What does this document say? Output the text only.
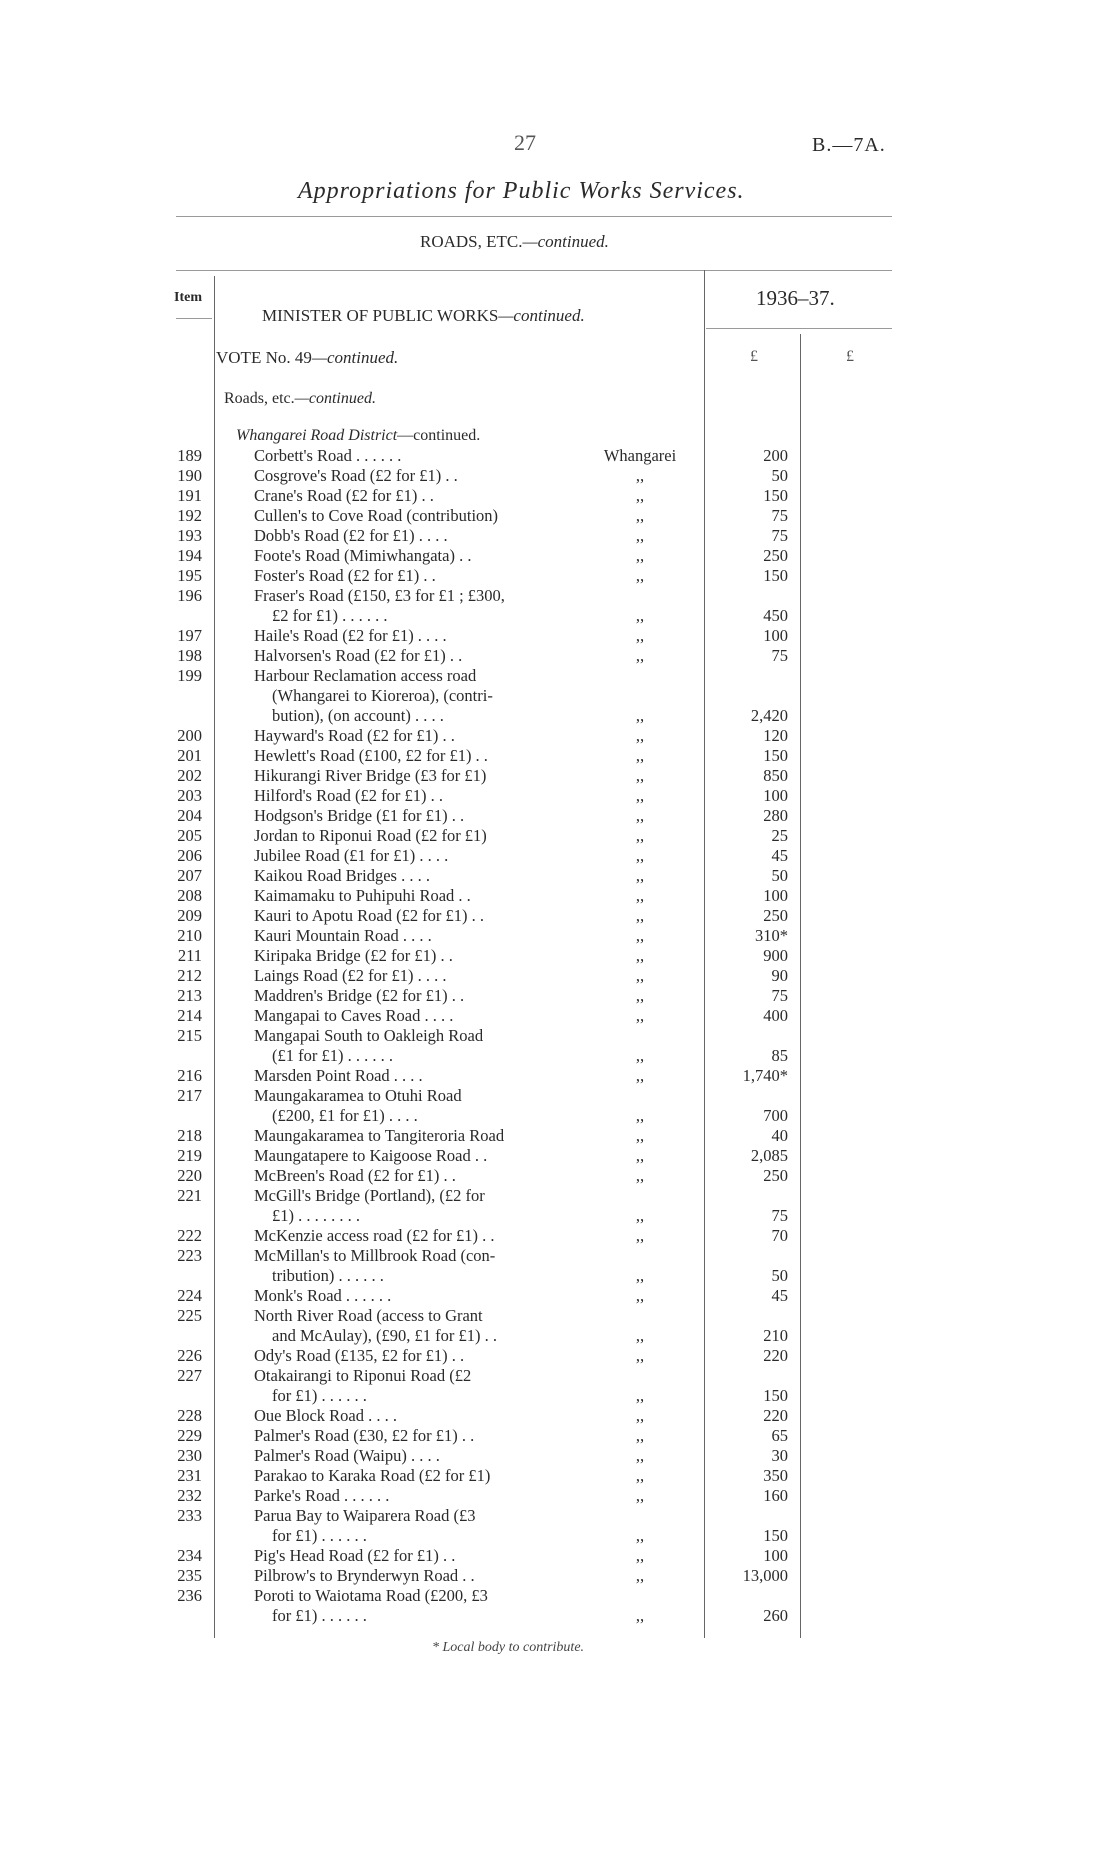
27	B.—7A.
Appropriations for Public Works Services.
ROADS, ETC.—continued.
Item
MINISTER OF PUBLIC WORKS—continued.
1936–37.
VOTE No. 49—continued.	£	£
Roads, etc.—continued.
Whangarei Road District—continued.
189	Corbett's Road . . . . . .	Whangarei	200
190	Cosgrove's Road (£2 for £1) . .	,,	50
191	Crane's Road (£2 for £1) . .	,,	150
192	Cullen's to Cove Road (contribution)	,,	75
193	Dobb's Road (£2 for £1) . . . .	,,	75
194	Foote's Road (Mimiwhangata) . .	,,	250
195	Foster's Road (£2 for £1) . .	,,	150
196	Fraser's Road (£150, £3 for £1 ; £300,
£2 for £1) . . . . . .	,,	450
197	Haile's Road (£2 for £1) . . . .	,,	100
198	Halvorsen's Road (£2 for £1) . .	,,	75
199	Harbour Reclamation access road
(Whangarei to Kioreroa), (contri-
bution), (on account) . . . .	,,	2,420
200	Hayward's Road (£2 for £1) . .	,,	120
201	Hewlett's Road (£100, £2 for £1) . .	,,	150
202	Hikurangi River Bridge (£3 for £1)	,,	850
203	Hilford's Road (£2 for £1) . .	,,	100
204	Hodgson's Bridge (£1 for £1) . .	,,	280
205	Jordan to Riponui Road (£2 for £1)	,,	25
206	Jubilee Road (£1 for £1) . . . .	,,	45
207	Kaikou Road Bridges . . . .	,,	50
208	Kaimamaku to Puhipuhi Road . .	,,	100
209	Kauri to Apotu Road (£2 for £1) . .	,,	250
210	Kauri Mountain Road . . . .	,,	310*
211	Kiripaka Bridge (£2 for £1) . .	,,	900
212	Laings Road (£2 for £1) . . . .	,,	90
213	Maddren's Bridge (£2 for £1) . .	,,	75
214	Mangapai to Caves Road . . . .	,,	400
215	Mangapai South to Oakleigh Road
(£1 for £1) . . . . . .	,,	85
216	Marsden Point Road . . . .	,,	1,740*
217	Maungakaramea to Otuhi Road
(£200, £1 for £1) . . . .	,,	700
218	Maungakaramea to Tangiteroria Road	,,	40
219	Maungatapere to Kaigoose Road . .	,,	2,085
220	McBreen's Road (£2 for £1) . .	,,	250
221	McGill's Bridge (Portland), (£2 for
£1) . . . . . . . .	,,	75
222	McKenzie access road (£2 for £1) . .	,,	70
223	McMillan's to Millbrook Road (con-
tribution) . . . . . .	,,	50
224	Monk's Road . . . . . .	,,	45
225	North River Road (access to Grant
and McAulay), (£90, £1 for £1) . .	,,	210
226	Ody's Road (£135, £2 for £1) . .	,,	220
227	Otakairangi to Riponui Road (£2
for £1) . . . . . .	,,	150
228	Oue Block Road . . . .	,,	220
229	Palmer's Road (£30, £2 for £1) . .	,,	65
230	Palmer's Road (Waipu) . . . .	,,	30
231	Parakao to Karaka Road (£2 for £1)	,,	350
232	Parke's Road . . . . . .	,,	160
233	Parua Bay to Waiparera Road (£3
for £1) . . . . . .	,,	150
234	Pig's Head Road (£2 for £1) . .	,,	100
235	Pilbrow's to Brynderwyn Road . .	,,	13,000
236	Poroti to Waiotama Road (£200, £3
for £1) . . . . . .	,,	260
* Local body to contribute.
